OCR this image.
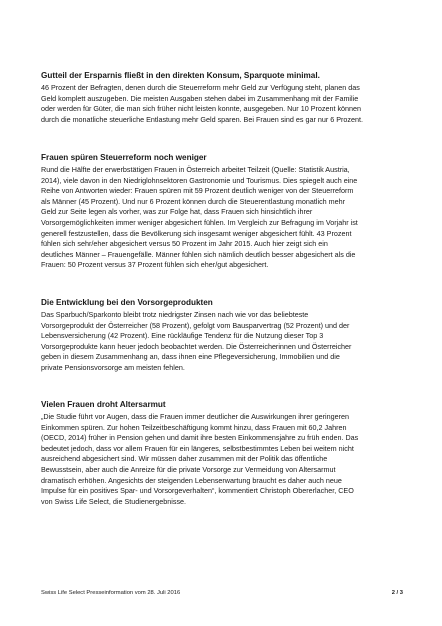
Gutteil der Ersparnis fließt in den direkten Konsum, Sparquote minimal.

46 Prozent der Befragten, denen durch die Steuerreform mehr Geld zur Verfügung steht, planen das
Geld komplett auszugeben. Die meisten Ausgaben stehen dabei im Zusammenhang mit der Familie
oder werden für Güter, die man sich früher nicht leisten konnte, ausgegeben. Nur 10 Prozent können
durch die monatliche steuerliche Entlastung mehr Geld sparen. Bei Frauen sind es gar nur 6 Prozent.

Frauen spüren Steuerreform noch weniger

Rund die Hälfte der erwerbstätigen Frauen in Österreich arbeitet Teilzeit (Quelle: Statistik Austria,
2014), viele davon in den Niedriglohnsektoren Gastronomie und Tourismus. Dies spiegelt auch eine
Reihe von Antworten wieder: Frauen spüren mit 59 Prozent deutlich weniger von der Steuerreform
als Männer (45 Prozent). Und nur 6 Prozent können durch die Steuerentlastung monatlich mehr
Geld zur Seite legen als vorher, was zur Folge hat, dass Frauen sich hinsichtlich ihrer
Vorsorgemöglichkeiten immer weniger abgesichert fühlen. Im Vergleich zur Befragung im Vorjahr ist
generell festzustellen, dass die Bevölkerung sich insgesamt weniger abgesichert fühlt. 43 Prozent
fühlen sich sehr/eher abgesichert versus 50 Prozent im Jahr 2015. Auch hier zeigt sich ein
deutliches Männer – Frauengefälle. Männer fühlen sich nämlich deutlich besser abgesichert als die
Frauen: 50 Prozent versus 37 Prozent fühlen sich eher/gut abgesichert.

Die Entwicklung bei den Vorsorgeprodukten

Das Sparbuch/Sparkonto bleibt trotz niedrigster Zinsen nach wie vor das beliebteste
Vorsorgeprodukt der Österreicher (58 Prozent), gefolgt vom Bausparvertrag (52 Prozent) und der
Lebensversicherung (42 Prozent). Eine rückläufige Tendenz für die Nutzung dieser Top 3
Vorsorgeprodukte kann heuer jedoch beobachtet werden. Die Österreicherinnen und Österreicher
geben in diesem Zusammenhang an, dass ihnen eine Pflegeversicherung, Immobilien und die
private Pensionsvorsorge am meisten fehlen.

Vielen Frauen droht Altersarmut

„Die Studie führt vor Augen, dass die Frauen immer deutlicher die Auswirkungen ihrer geringeren
Einkommen spüren. Zur hohen Teilzeitbeschäftigung kommt hinzu, dass Frauen mit 60,2 Jahren
(OECD, 2014) früher in Pension gehen und damit ihre besten Einkommensjahre zu früh enden. Das
bedeutet jedoch, dass vor allem Frauen für ein längeres, selbstbestimmtes Leben bei weitem nicht
ausreichend abgesichert sind. Wir müssen daher zusammen mit der Politik das öffentliche
Bewusstsein, aber auch die Anreize für die private Vorsorge zur Vermeidung von Altersarmut
dramatisch erhöhen. Angesichts der steigenden Lebenserwartung braucht es daher auch neue
Impulse für ein positives Spar- und Vorsorgeverhalten“, kommentiert Christoph Obererlacher, CEO
von Swiss Life Select, die Studienergebnisse.

Swiss Life Select Presseinformation vom 28. Juli 2016	2 / 3
